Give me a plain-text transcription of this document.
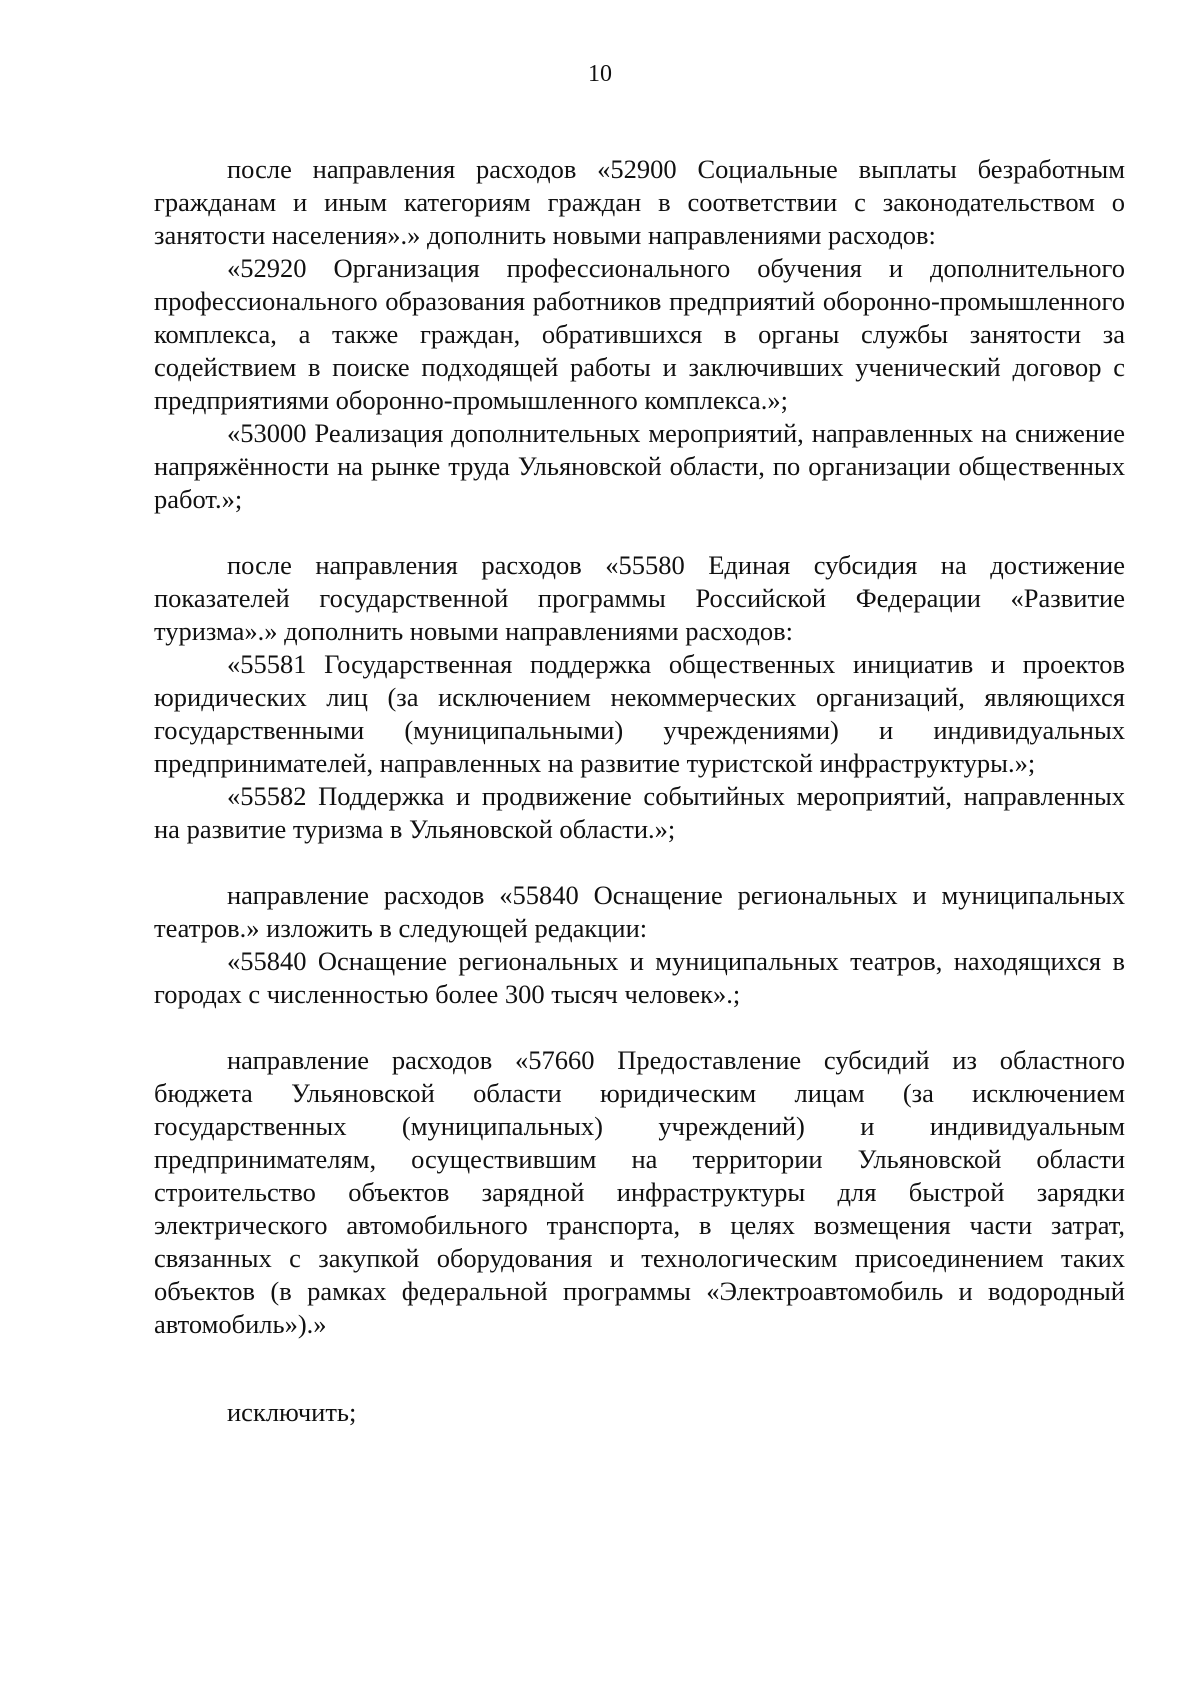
10

после направления расходов «52900 Социальные выплаты безработным гражданам и иным категориям граждан в соответствии с законодательством о занятости населения».» дополнить новыми направлениями расходов:

«52920 Организация профессионального обучения и дополнительного профессионального образования работников предприятий оборонно-промышленного комплекса, а также граждан, обратившихся в органы службы занятости за содействием в поиске подходящей работы и заключивших ученический договор с предприятиями оборонно-промышленного комплекса.»;

«53000 Реализация дополнительных мероприятий, направленных на снижение напряжённости на рынке труда Ульяновской области, по организации общественных работ.»;

после направления расходов «55580 Единая субсидия на достижение показателей государственной программы Российской Федерации «Развитие туризма».» дополнить новыми направлениями расходов:

«55581 Государственная поддержка общественных инициатив и проектов юридических лиц (за исключением некоммерческих организаций, являющихся государственными (муниципальными) учреждениями) и индивидуальных предпринимателей, направленных на развитие туристской инфраструктуры.»;

«55582 Поддержка и продвижение событийных мероприятий, направленных на развитие туризма в Ульяновской области.»;

направление расходов «55840 Оснащение региональных и муниципальных театров.» изложить в следующей редакции:

«55840 Оснащение региональных и муниципальных театров, находящихся в городах с численностью более 300 тысяч человек».;

направление расходов «57660 Предоставление субсидий из областного бюджета Ульяновской области юридическим лицам (за исключением государственных (муниципальных) учреждений) и индивидуальным предпринимателям, осуществившим на территории Ульяновской области строительство объектов зарядной инфраструктуры для быстрой зарядки электрического автомобильного транспорта, в целях возмещения части затрат, связанных с закупкой оборудования и технологическим присоединением таких объектов (в рамках федеральной программы «Электроавтомобиль и водородный автомобиль»).»

исключить;
